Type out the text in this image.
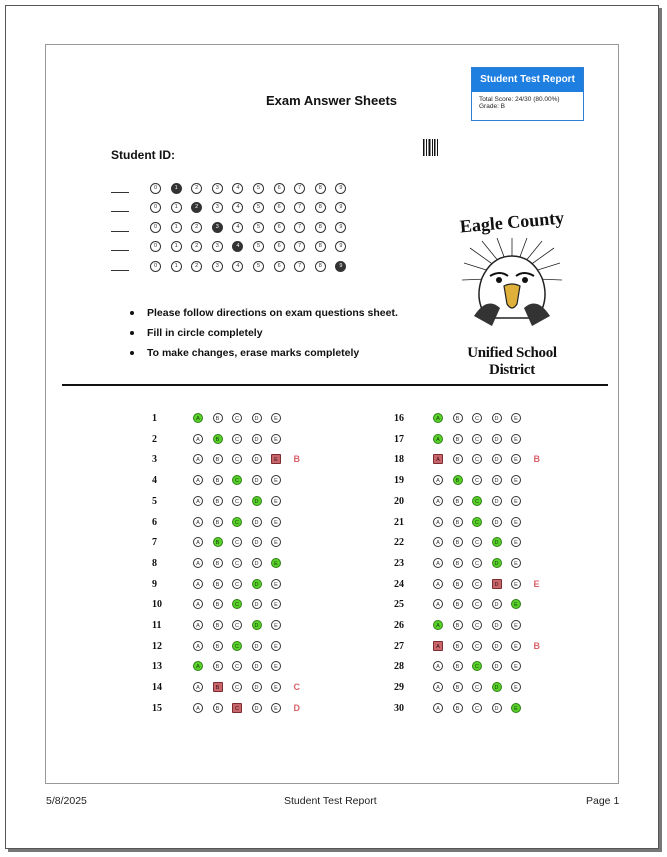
Exam Answer Sheets
Student Test Report
Total Score: 24/30 (80.00%)
Grade: B
Student ID:
0	1	2	3	4	5	6	7	8	9
0	1	2	3	4	5	6	7	8	9
0	1	2	3	4	5	6	7	8	9
0	1	2	3	4	5	6	7	8	9
0	1	2	3	4	5	6	7	8	9
Eagle County
Unified School District
Please follow directions on exam questions sheet.
Fill in circle completely
To make changes, erase marks completely
1	A	B	C	D	E
2	A	B	C	D	E
3	A	B	C	D	E	B
4	A	B	C	D	E
5	A	B	C	D	E
6	A	B	C	D	E
7	A	B	C	D	E
8	A	B	C	D	E
9	A	B	C	D	E
10	A	B	C	D	E
11	A	B	C	D	E
12	A	B	C	D	E
13	A	B	C	D	E
14	A	B	C	D	E	C
15	A	B	C	D	E	D
16	A	B	C	D	E
17	A	B	C	D	E
18	A	B	C	D	E	B
19	A	B	C	D	E
20	A	B	C	D	E
21	A	B	C	D	E
22	A	B	C	D	E
23	A	B	C	D	E
24	A	B	C	D	E	E
25	A	B	C	D	E
26	A	B	C	D	E
27	A	B	C	D	E	B
28	A	B	C	D	E
29	A	B	C	D	E
30	A	B	C	D	E
5/8/2025	Student Test Report	Page 1
